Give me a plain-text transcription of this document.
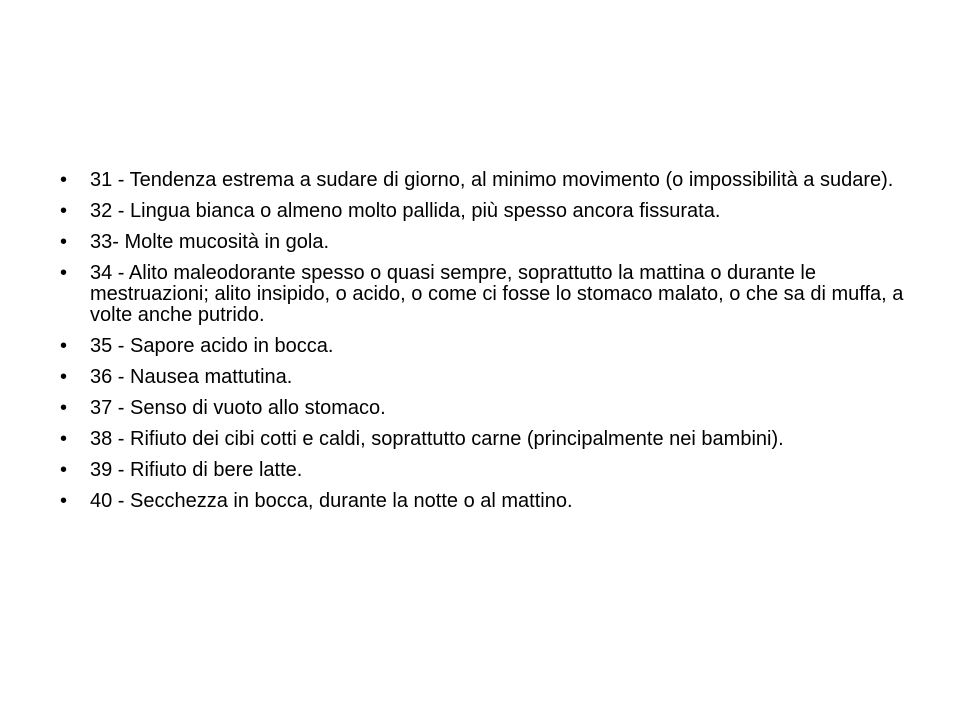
• 31 - Tendenza estrema a sudare di giorno, al minimo movimento (o impossibilità a sudare).
• 32 - Lingua bianca o almeno molto pallida, più spesso ancora fissurata.
• 33- Molte mucosità in gola.
• 34 - Alito maleodorante spesso o quasi sempre, soprattutto la mattina o durante le mestruazioni; alito insipido, o acido, o come ci fosse lo stomaco malato, o che sa di muffa, a volte anche putrido.
• 35 - Sapore acido in bocca.
• 36 - Nausea mattutina.
• 37 - Senso di vuoto allo stomaco.
• 38 - Rifiuto dei cibi cotti e caldi, soprattutto carne (principalmente nei bambini).
• 39 - Rifiuto di bere latte.
• 40 - Secchezza in bocca, durante la notte o al mattino.
